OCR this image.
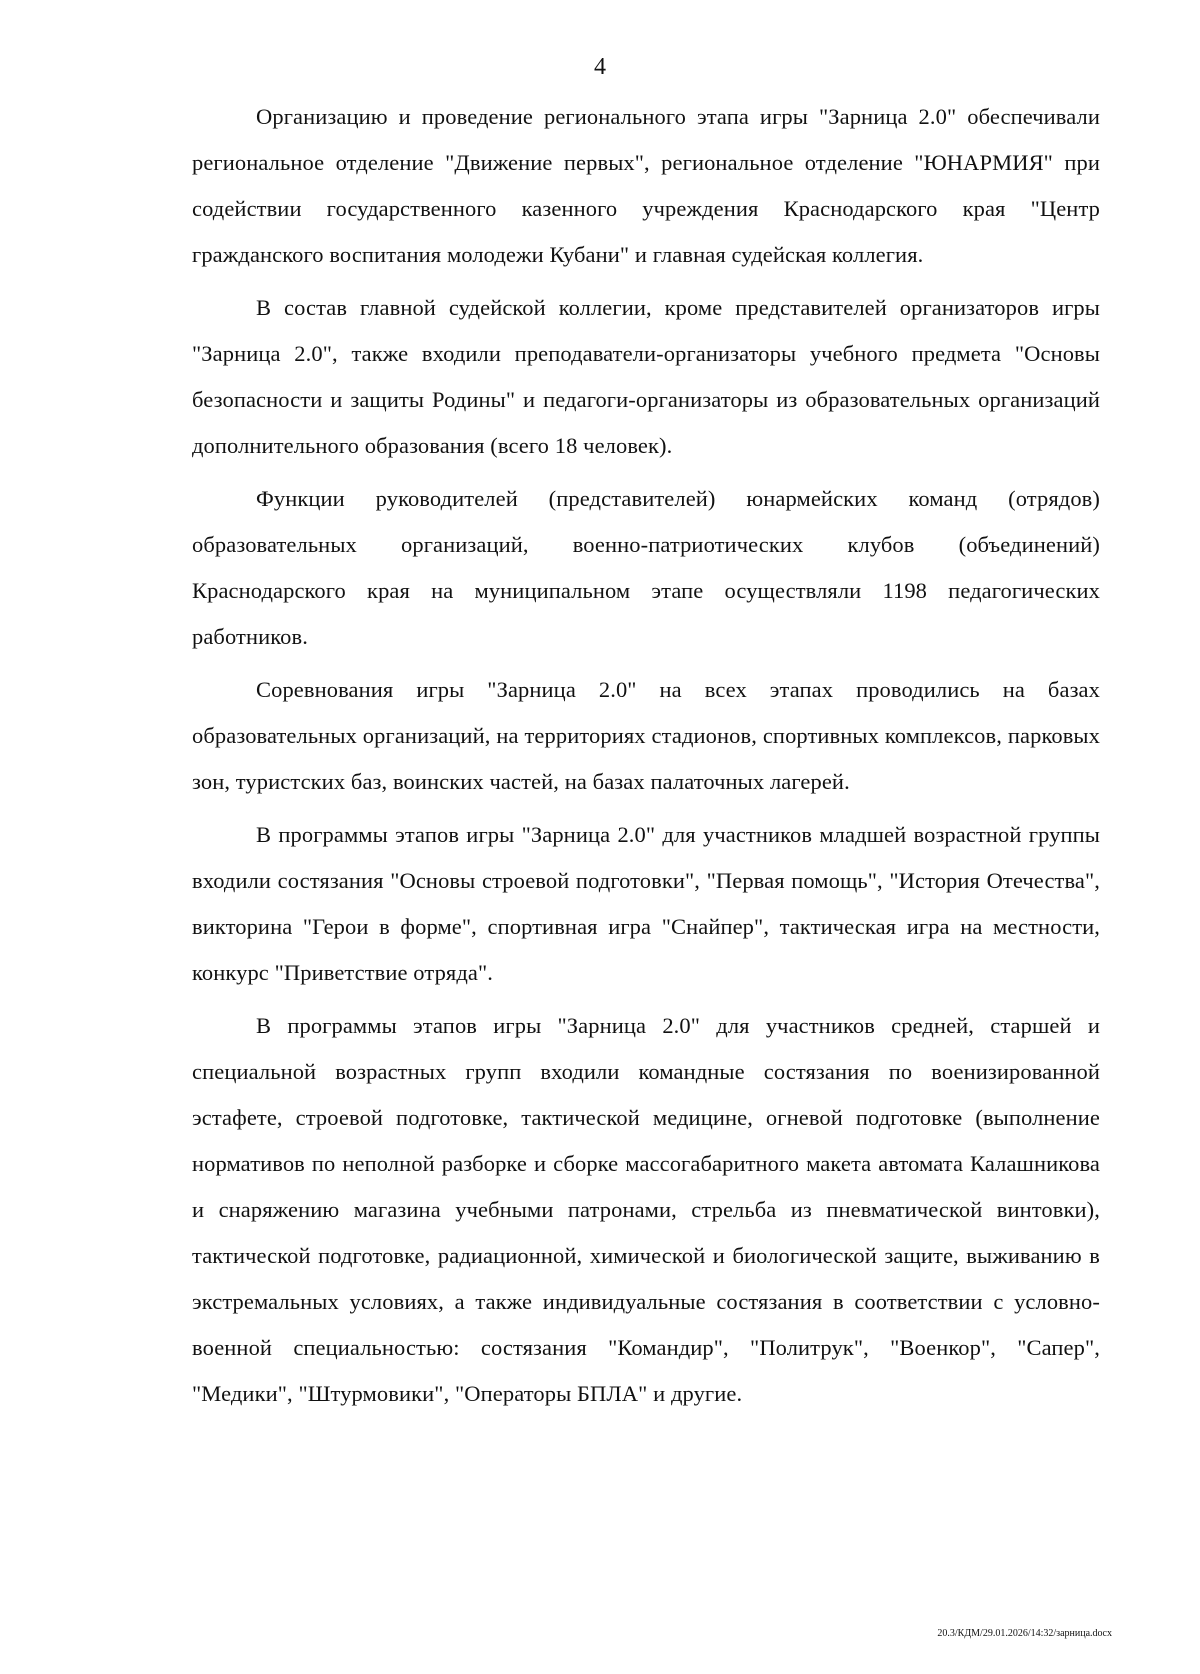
4

Организацию и проведение регионального этапа игры "Зарница 2.0" обеспечивали региональное отделение "Движение первых", региональное отделение "ЮНАРМИЯ" при содействии государственного казенного учреждения Краснодарского края "Центр гражданского воспитания молодежи Кубани" и главная судейская коллегия.

В состав главной судейской коллегии, кроме представителей организаторов игры "Зарница 2.0", также входили преподаватели-организаторы учебного предмета "Основы безопасности и защиты Родины" и педагоги-организаторы из образовательных организаций дополнительного образования (всего 18 человек).

Функции руководителей (представителей) юнармейских команд (отрядов) образовательных организаций, военно-патриотических клубов (объединений) Краснодарского края на муниципальном этапе осуществляли 1198 педагогических работников.

Соревнования игры "Зарница 2.0" на всех этапах проводились на базах образовательных организаций, на территориях стадионов, спортивных комплексов, парковых зон, туристских баз, воинских частей, на базах палаточных лагерей.

В программы этапов игры "Зарница 2.0" для участников младшей возрастной группы входили состязания "Основы строевой подготовки", "Первая помощь", "История Отечества", викторина "Герои в форме", спортивная игра "Снайпер", тактическая игра на местности, конкурс "Приветствие отряда".

В программы этапов игры "Зарница 2.0" для участников средней, старшей и специальной возрастных групп входили командные состязания по военизированной эстафете, строевой подготовке, тактической медицине, огневой подготовке (выполнение нормативов по неполной разборке и сборке массогабаритного макета автомата Калашникова и снаряжению магазина учебными патронами, стрельба из пневматической винтовки), тактической подготовке, радиационной, химической и биологической защите, выживанию в экстремальных условиях, а также индивидуальные состязания в соответствии с условно-военной специальностью: состязания "Командир", "Политрук", "Военкор", "Сапер", "Медики", "Штурмовики", "Операторы БПЛА" и другие.

20.3/КДМ/29.01.2026/14:32/зарница.docx
